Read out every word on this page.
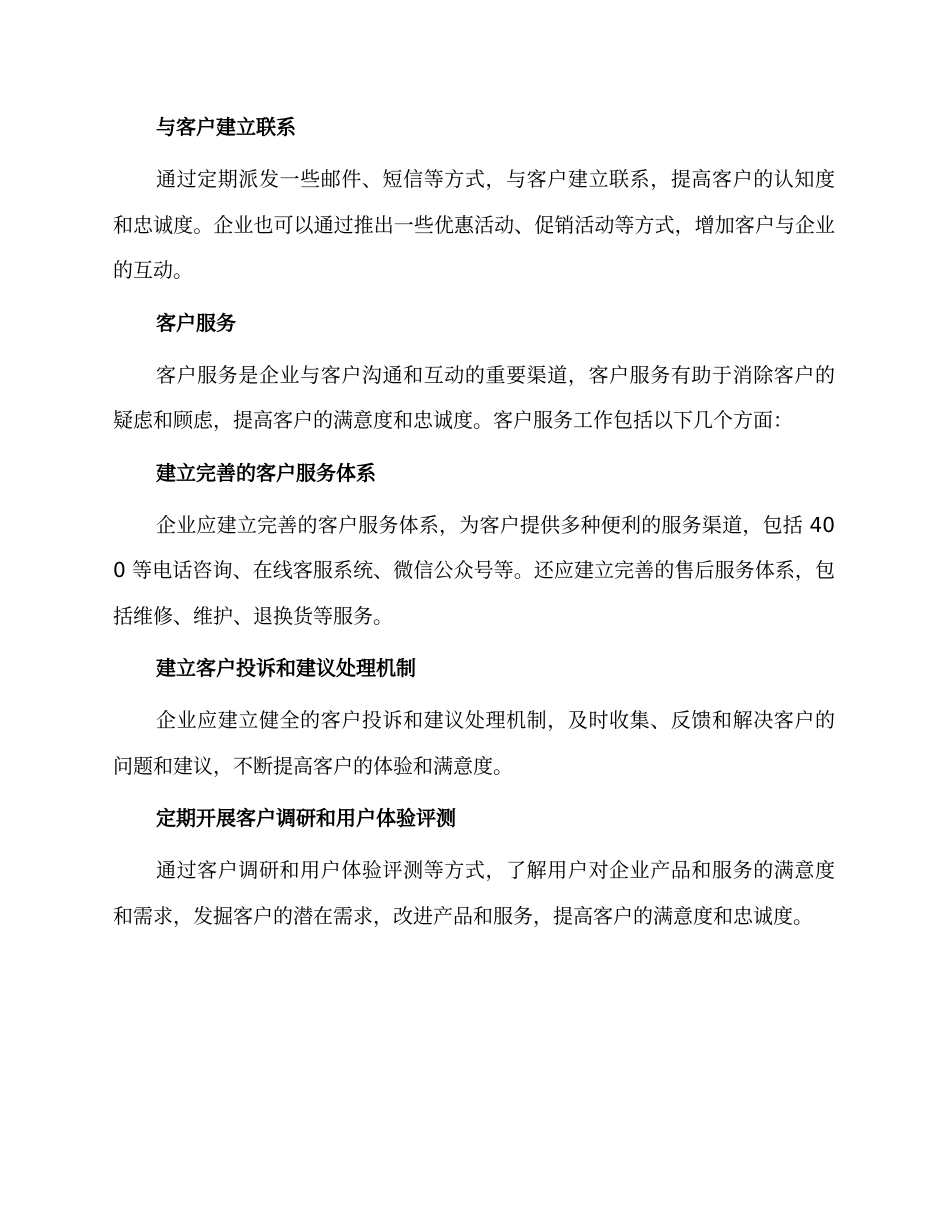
与客户建立联系
通过定期派发一些邮件、短信等方式，与客户建立联系，提高客户的认知度和忠诚度。企业也可以通过推出一些优惠活动、促销活动等方式，增加客户与企业的互动。
客户服务
客户服务是企业与客户沟通和互动的重要渠道，客户服务有助于消除客户的疑虑和顾虑，提高客户的满意度和忠诚度。客户服务工作包括以下几个方面：
建立完善的客户服务体系
企业应建立完善的客户服务体系，为客户提供多种便利的服务渠道，包括 400 等电话咨询、在线客服系统、微信公众号等。还应建立完善的售后服务体系，包括维修、维护、退换货等服务。
建立客户投诉和建议处理机制
企业应建立健全的客户投诉和建议处理机制，及时收集、反馈和解决客户的问题和建议，不断提高客户的体验和满意度。
定期开展客户调研和用户体验评测
通过客户调研和用户体验评测等方式，了解用户对企业产品和服务的满意度和需求，发掘客户的潜在需求，改进产品和服务，提高客户的满意度和忠诚度。
